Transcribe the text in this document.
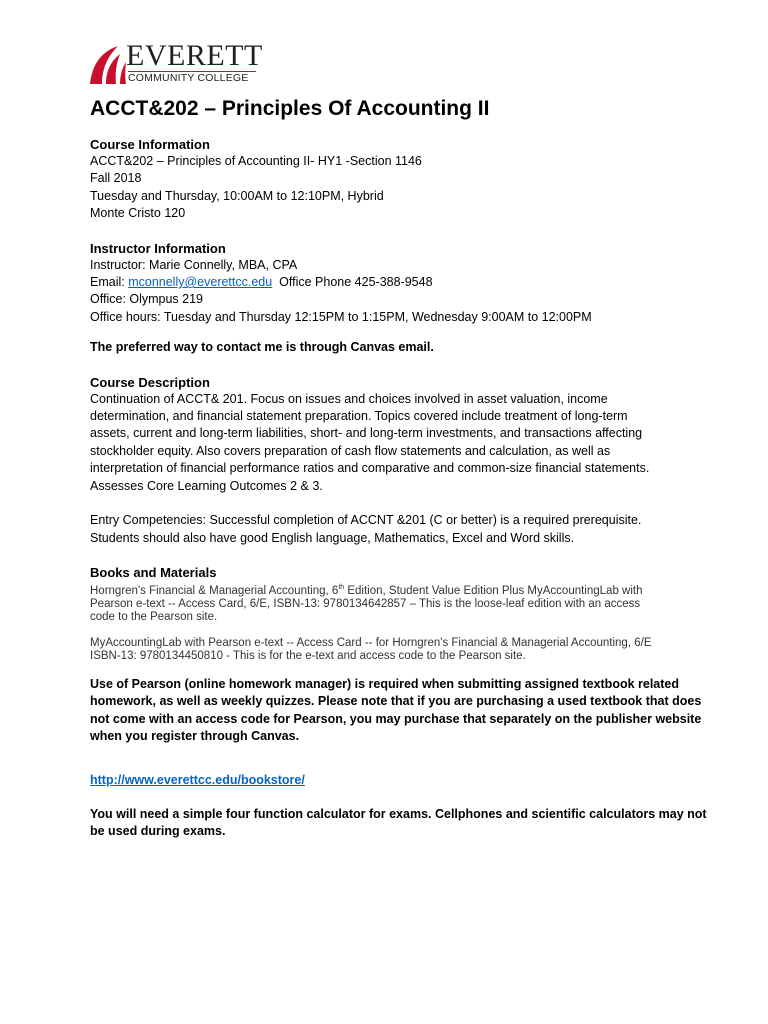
EVERETT
COMMUNITY COLLEGE
ACCT&202 – Principles Of Accounting II

Course Information

ACCT&202 – Principles of Accounting II- HY1 -Section 1146

Fall 2018

Tuesday and Thursday, 10:00AM to 12:10PM, Hybrid

Monte Cristo 120

Instructor Information

Instructor: Marie Connelly, MBA, CPA

Email: mconnelly@everettcc.edu  Office Phone 425-388-9548

Office: Olympus 219

Office hours: Tuesday and Thursday 12:15PM to 1:15PM, Wednesday 9:00AM to 12:00PM

The preferred way to contact me is through Canvas email.

Course Description

Continuation of ACCT& 201. Focus on issues and choices involved in asset valuation, income

determination, and financial statement preparation. Topics covered include treatment of long-term

assets, current and long-term liabilities, short- and long-term investments, and transactions affecting

stockholder equity. Also covers preparation of cash flow statements and calculation, as well as

interpretation of financial performance ratios and comparative and common-size financial statements.

Assesses Core Learning Outcomes 2 & 3.

Entry Competencies: Successful completion of ACCNT &201 (C or better) is a required prerequisite.

Students should also have good English language, Mathematics, Excel and Word skills.

Books and Materials

Horngren's Financial & Managerial Accounting, 6th Edition, Student Value Edition Plus MyAccountingLab with

Pearson e-text -- Access Card, 6/E, ISBN-13: 9780134642857 – This is the loose-leaf edition with an access

code to the Pearson site.

MyAccountingLab with Pearson e-text -- Access Card -- for Horngren's Financial & Managerial Accounting, 6/E

ISBN-13: 9780134450810 - This is for the e-text and access code to the Pearson site.

Use of Pearson (online homework manager) is required when submitting assigned textbook related

homework, as well as weekly quizzes. Please note that if you are purchasing a used textbook that does

not come with an access code for Pearson, you may purchase that separately on the publisher website

when you register through Canvas.

http://www.everettcc.edu/bookstore/

You will need a simple four function calculator for exams. Cellphones and scientific calculators may not

be used during exams.
